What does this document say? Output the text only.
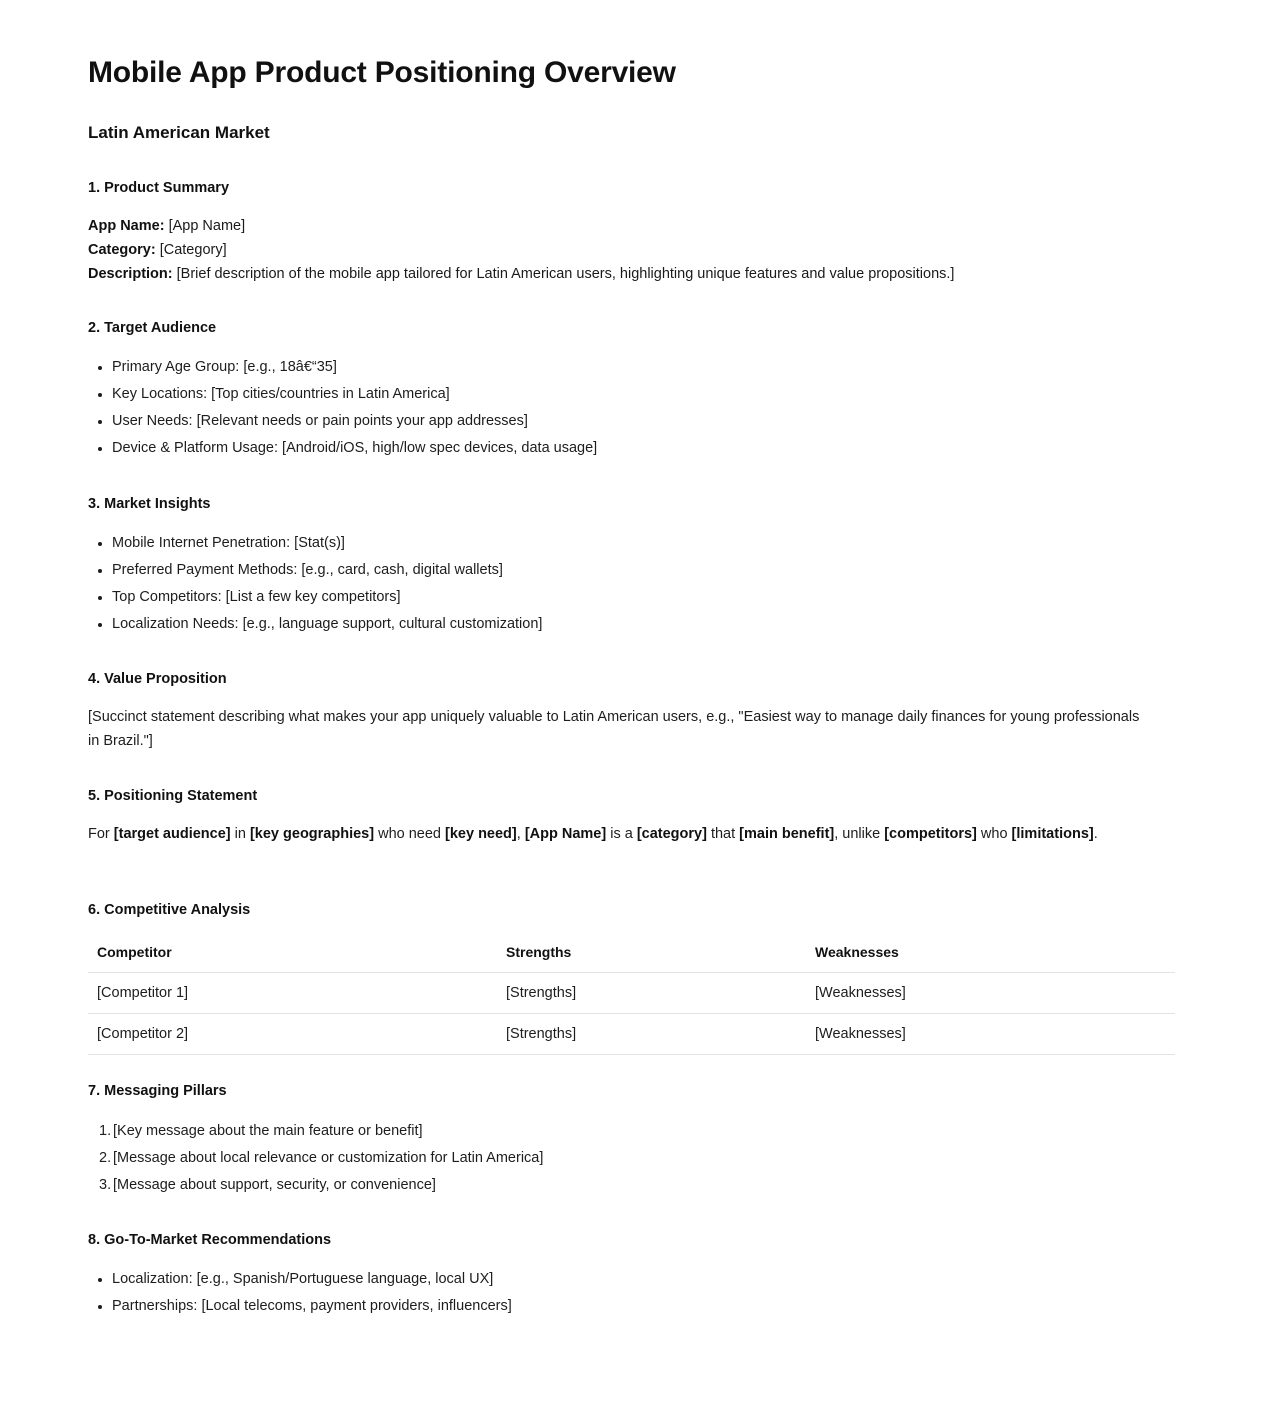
Mobile App Product Positioning Overview
Latin American Market
1. Product Summary
App Name: [App Name]
Category: [Category]
Description: [Brief description of the mobile app tailored for Latin American users, highlighting unique features and value propositions.]
2. Target Audience
Primary Age Group: [e.g., 18â€“35]
Key Locations: [Top cities/countries in Latin America]
User Needs: [Relevant needs or pain points your app addresses]
Device & Platform Usage: [Android/iOS, high/low spec devices, data usage]
3. Market Insights
Mobile Internet Penetration: [Stat(s)]
Preferred Payment Methods: [e.g., card, cash, digital wallets]
Top Competitors: [List a few key competitors]
Localization Needs: [e.g., language support, cultural customization]
4. Value Proposition
[Succinct statement describing what makes your app uniquely valuable to Latin American users, e.g., "Easiest way to manage daily finances for young professionals in Brazil."]
5. Positioning Statement
For [target audience] in [key geographies] who need [key need], [App Name] is a [category] that [main benefit], unlike [competitors] who [limitations].
6. Competitive Analysis
Competitor	Strengths	Weaknesses
[Competitor 1]	[Strengths]	[Weaknesses]
[Competitor 2]	[Strengths]	[Weaknesses]
7. Messaging Pillars
[Key message about the main feature or benefit]
[Message about local relevance or customization for Latin America]
[Message about support, security, or convenience]
8. Go-To-Market Recommendations
Localization: [e.g., Spanish/Portuguese language, local UX]
Partnerships: [Local telecoms, payment providers, influencers]
